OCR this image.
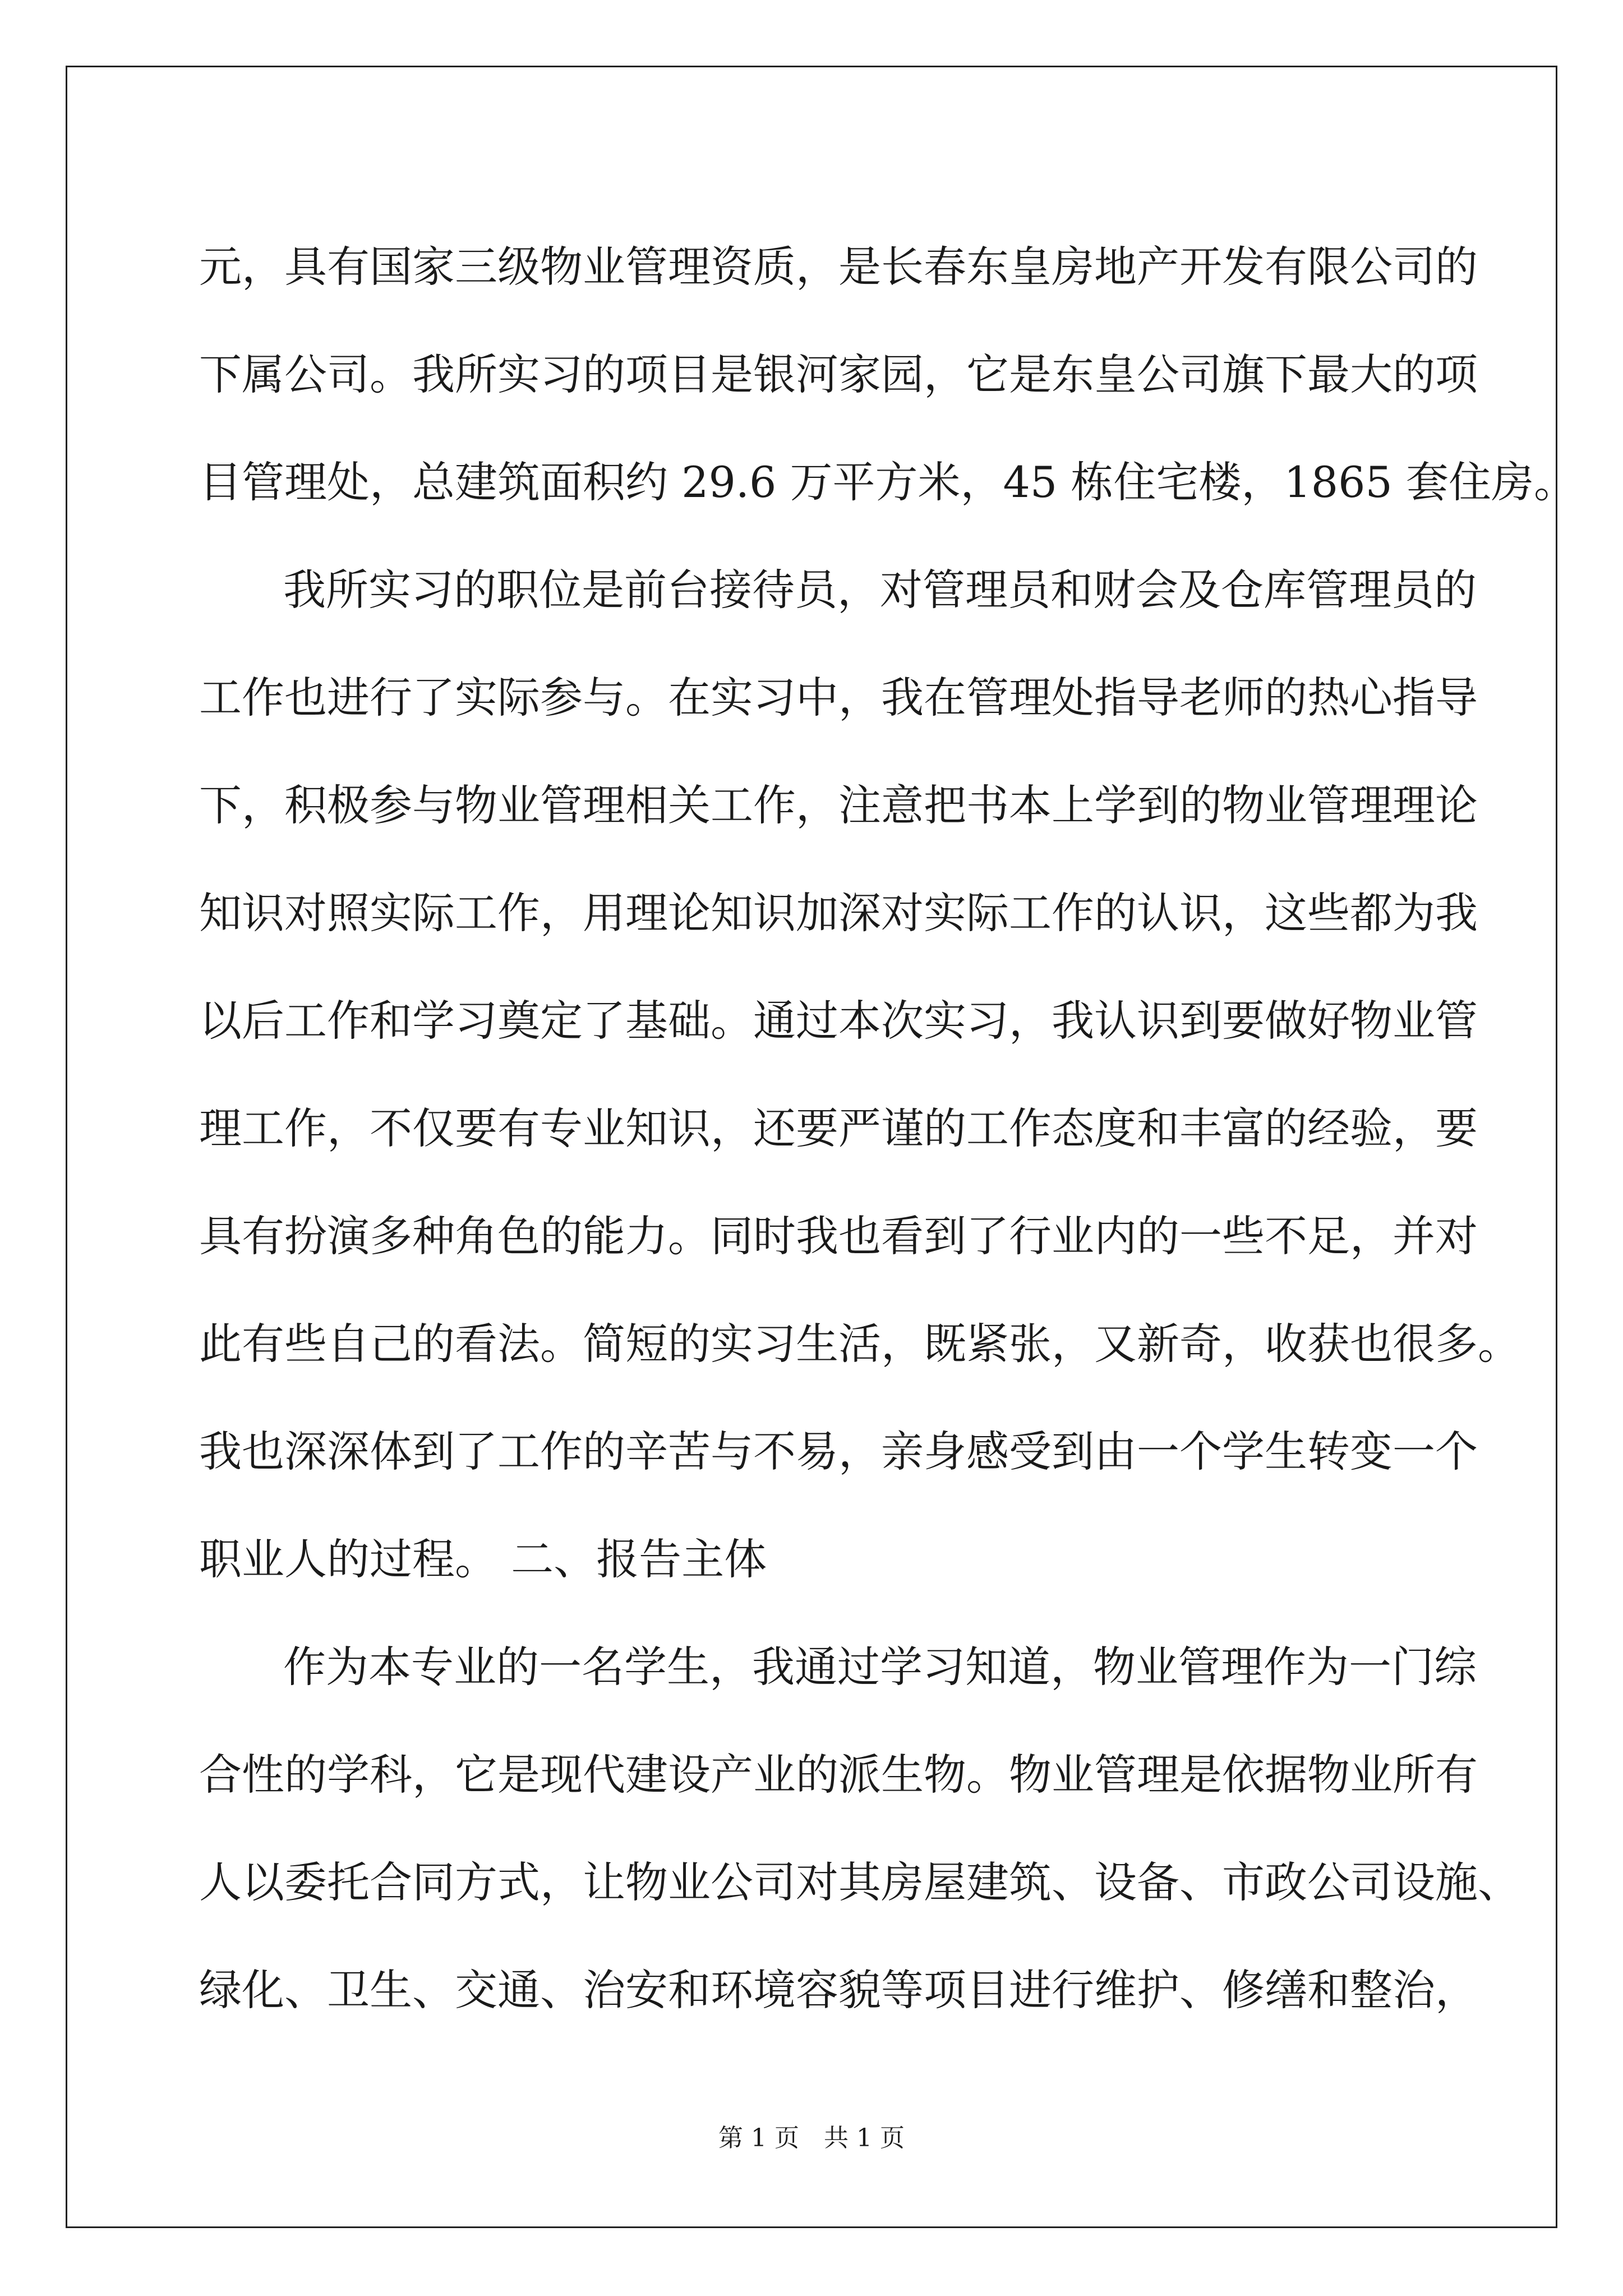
元，具有国家三级物业管理资质，是长春东皇房地产开发有限公司的
下属公司。我所实习的项目是银河家园，它是东皇公司旗下最大的项
目管理处，总建筑面积约 29.6 万平方米，45 栋住宅楼，1865 套住房。
我所实习的职位是前台接待员，对管理员和财会及仓库管理员的
工作也进行了实际参与。在实习中，我在管理处指导老师的热心指导
下，积极参与物业管理相关工作，注意把书本上学到的物业管理理论
知识对照实际工作，用理论知识加深对实际工作的认识，这些都为我
以后工作和学习奠定了基础。通过本次实习，我认识到要做好物业管
理工作，不仅要有专业知识，还要严谨的工作态度和丰富的经验，要
具有扮演多种角色的能力。同时我也看到了行业内的一些不足，并对
此有些自己的看法。简短的实习生活，既紧张，又新奇，收获也很多。
我也深深体到了工作的辛苦与不易，亲身感受到由一个学生转变一个
职业人的过程。 二、报告主体
作为本专业的一名学生，我通过学习知道，物业管理作为一门综
合性的学科，它是现代建设产业的派生物。物业管理是依据物业所有
人以委托合同方式，让物业公司对其房屋建筑、设备、市政公司设施、
绿化、卫生、交通、治安和环境容貌等项目进行维护、修缮和整治，
第 1 页　共 1 页
